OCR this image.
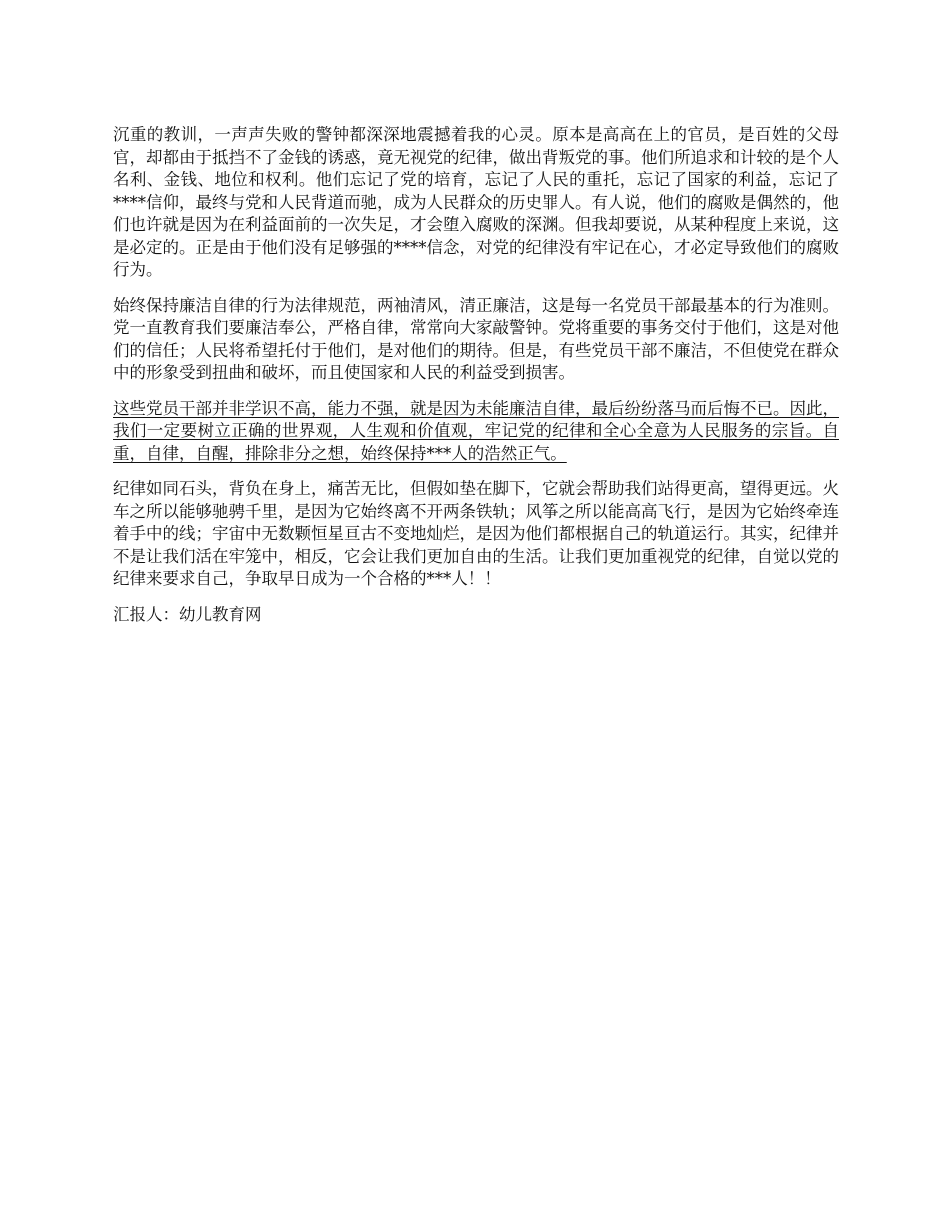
沉重的教训，一声声失败的警钟都深深地震撼着我的心灵。原本是高高在上的官员，是百姓的父母官，却都由于抵挡不了金钱的诱惑，竟无视党的纪律，做出背叛党的事。他们所追求和计较的是个人名利、金钱、地位和权利。他们忘记了党的培育，忘记了人民的重托，忘记了国家的利益，忘记了****信仰，最终与党和人民背道而驰，成为人民群众的历史罪人。有人说，他们的腐败是偶然的，他们也许就是因为在利益面前的一次失足，才会堕入腐败的深渊。但我却要说，从某种程度上来说，这是必定的。正是由于他们没有足够强的****信念，对党的纪律没有牢记在心，才必定导致他们的腐败行为。

始终保持廉洁自律的行为法律规范，两袖清风，清正廉洁，这是每一名党员干部最基本的行为准则。党一直教育我们要廉洁奉公，严格自律，常常向大家敲警钟。党将重要的事务交付于他们，这是对他们的信任；人民将希望托付于他们，是对他们的期待。但是，有些党员干部不廉洁，不但使党在群众中的形象受到扭曲和破坏，而且使国家和人民的利益受到损害。

这些党员干部并非学识不高，能力不强，就是因为未能廉洁自律，最后纷纷落马而后悔不已。因此，我们一定要树立正确的世界观，人生观和价值观，牢记党的纪律和全心全意为人民服务的宗旨。自重，自律，自醒，排除非分之想，始终保持***人的浩然正气。

纪律如同石头，背负在身上，痛苦无比，但假如垫在脚下，它就会帮助我们站得更高，望得更远。火车之所以能够驰骋千里，是因为它始终离不开两条铁轨；风筝之所以能高高飞行，是因为它始终牵连着手中的线；宇宙中无数颗恒星亘古不变地灿烂，是因为他们都根据自己的轨道运行。其实，纪律并不是让我们活在牢笼中，相反，它会让我们更加自由的生活。让我们更加重视党的纪律，自觉以党的纪律来要求自己，争取早日成为一个合格的***人！！

汇报人：幼儿教育网
